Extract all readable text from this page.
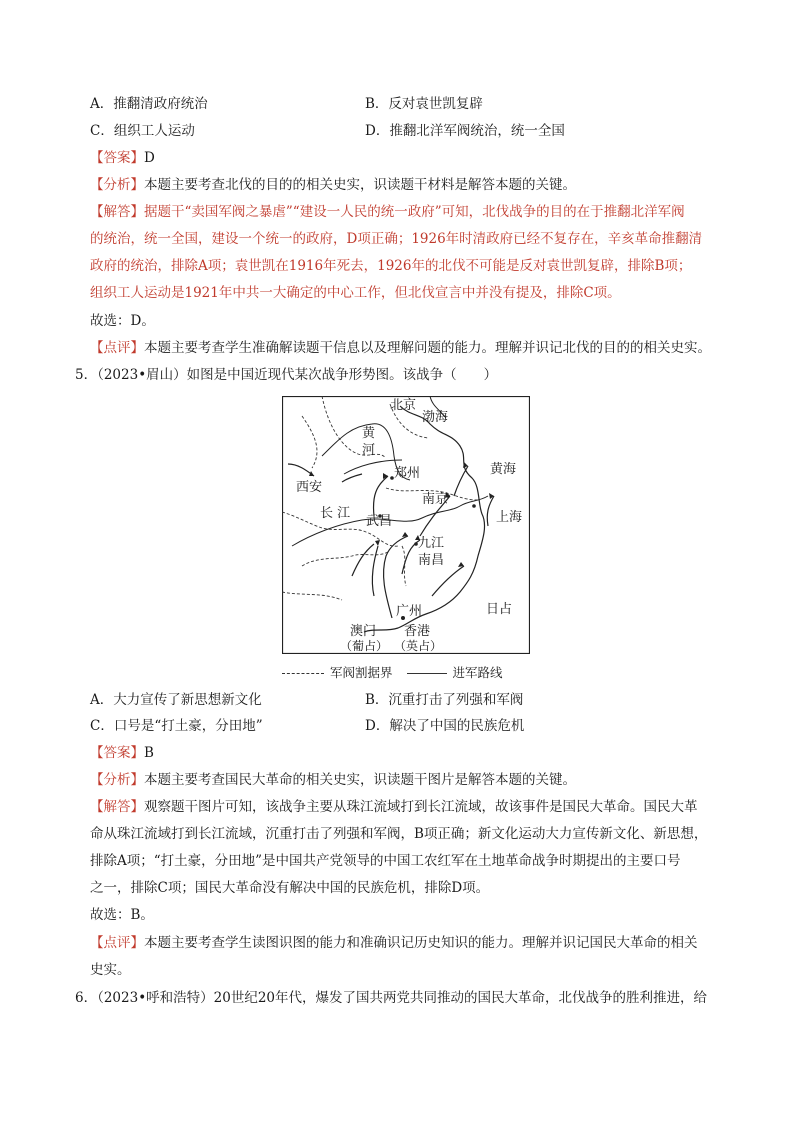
A．推翻清政府统治	B．反对袁世凯复辟
C．组织工人运动	D．推翻北洋军阀统治，统一全国
【答案】D
【分析】本题主要考查北伐的目的的相关史实，识读题干材料是解答本题的关键。
【解答】据题干“卖国军阀之暴虐”“建设一人民的统一政府”可知，北伐战争的目的在于推翻北洋军阀
的统治，统一全国，建设一个统一的政府，D项正确；1926年时清政府已经不复存在，辛亥革命推翻清
政府的统治，排除A项；袁世凯在1916年死去，1926年的北伐不可能是反对袁世凯复辟，排除B项；
组织工人运动是1921年中共一大确定的中心工作，但北伐宣言中并没有提及，排除C项。
故选：D。
【点评】本题主要考查学生准确解读题干信息以及理解问题的能力。理解并识记北伐的目的的相关史实。
5．（2023•眉山）如图是中国近现代某次战争形势图。该战争（　　）
北京
渤海
黄
河
郑州	黄海
西安
长 江
武昌
南京
上海
九江
南昌
广州	日占
澳门
（葡占）
香港
（英占）
军阀割据界	进军路线
A．大力宣传了新思想新文化	B．沉重打击了列强和军阀
C．口号是“打土豪，分田地”	D．解决了中国的民族危机
【答案】B
【分析】本题主要考查国民大革命的相关史实，识读题干图片是解答本题的关键。
【解答】观察题干图片可知，该战争主要从珠江流域打到长江流域，故该事件是国民大革命。国民大革
命从珠江流域打到长江流域，沉重打击了列强和军阀，B项正确；新文化运动大力宣传新文化、新思想，
排除A项；“打土豪，分田地”是中国共产党领导的中国工农红军在土地革命战争时期提出的主要口号
之一，排除C项；国民大革命没有解决中国的民族危机，排除D项。
故选：B。
【点评】本题主要考查学生读图识图的能力和准确识记历史知识的能力。理解并识记国民大革命的相关
史实。
6．（2023•呼和浩特）20世纪20年代，爆发了国共两党共同推动的国民大革命，北伐战争的胜利推进，给
